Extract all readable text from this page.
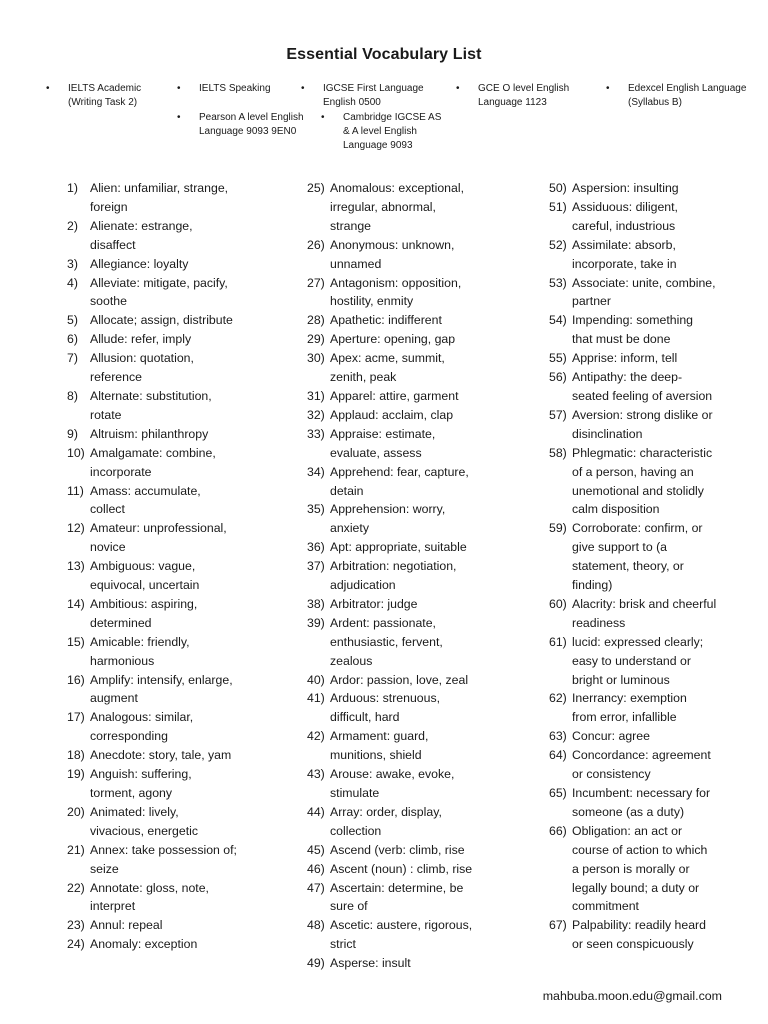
Essential Vocabulary List
• IELTS Academic
(Writing Task 2)
• IELTS Speaking	• IGCSE First Language
English 0500
• GCE O level English
Language 1123
• Edexcel English Language
(Syllabus B)
• Pearson A level English
Language 9093 9EN0
• Cambridge IGCSE AS
& A level English
Language 9093
1) Alien: unfamiliar, strange,
foreign
2) Alienate: estrange,
disaffect
3) Allegiance: loyalty
4) Alleviate: mitigate, pacify,
soothe
5) Allocate; assign, distribute
6) Allude: refer, imply
7) Allusion: quotation,
reference
8) Alternate: substitution,
rotate
9) Altruism: philanthropy
10) Amalgamate: combine,
incorporate
11) Amass: accumulate,
collect
12) Amateur: unprofessional,
novice
13) Ambiguous: vague,
equivocal, uncertain
14) Ambitious: aspiring,
determined
15) Amicable: friendly,
harmonious
16) Amplify: intensify, enlarge,
augment
17) Analogous: similar,
corresponding
18) Anecdote: story, tale, yam
19) Anguish: suffering,
torment, agony
20) Animated: lively,
vivacious, energetic
21) Annex: take possession of;
seize
22) Annotate: gloss, note,
interpret
23) Annul: repeal
24) Anomaly: exception
25) Anomalous: exceptional,
irregular, abnormal,
strange
26) Anonymous: unknown,
unnamed
27) Antagonism: opposition,
hostility, enmity
28) Apathetic: indifferent
29) Aperture: opening, gap
30) Apex: acme, summit,
zenith, peak
31) Apparel: attire, garment
32) Applaud: acclaim, clap
33) Appraise: estimate,
evaluate, assess
34) Apprehend: fear, capture,
detain
35) Apprehension: worry,
anxiety
36) Apt: appropriate, suitable
37) Arbitration: negotiation,
adjudication
38) Arbitrator: judge
39) Ardent: passionate,
enthusiastic, fervent,
zealous
40) Ardor: passion, love, zeal
41) Arduous: strenuous,
difficult, hard
42) Armament: guard,
munitions, shield
43) Arouse: awake, evoke,
stimulate
44) Array: order, display,
collection
45) Ascend (verb: climb, rise
46) Ascent (noun) : climb, rise
47) Ascertain: determine, be
sure of
48) Ascetic: austere, rigorous,
strict
49) Asperse: insult
50) Aspersion: insulting
51) Assiduous: diligent,
careful, industrious
52) Assimilate: absorb,
incorporate, take in
53) Associate: unite, combine,
partner
54) Impending: something
that must be done
55) Apprise: inform, tell
56) Antipathy: the deep-
seated feeling of aversion
57) Aversion: strong dislike or
disinclination
58) Phlegmatic: characteristic
of a person, having an
unemotional and stolidly
calm disposition
59) Corroborate: confirm, or
give support to (a
statement, theory, or
finding)
60) Alacrity: brisk and cheerful
readiness
61) lucid: expressed clearly;
easy to understand or
bright or luminous
62) Inerrancy: exemption
from error, infallible
63) Concur: agree
64) Concordance: agreement
or consistency
65) Incumbent: necessary for
someone (as a duty)
66) Obligation: an act or
course of action to which
a person is morally or
legally bound; a duty or
commitment
67) Palpability: readily heard
or seen conspicuously
mahbuba.moon.edu@gmail.com
